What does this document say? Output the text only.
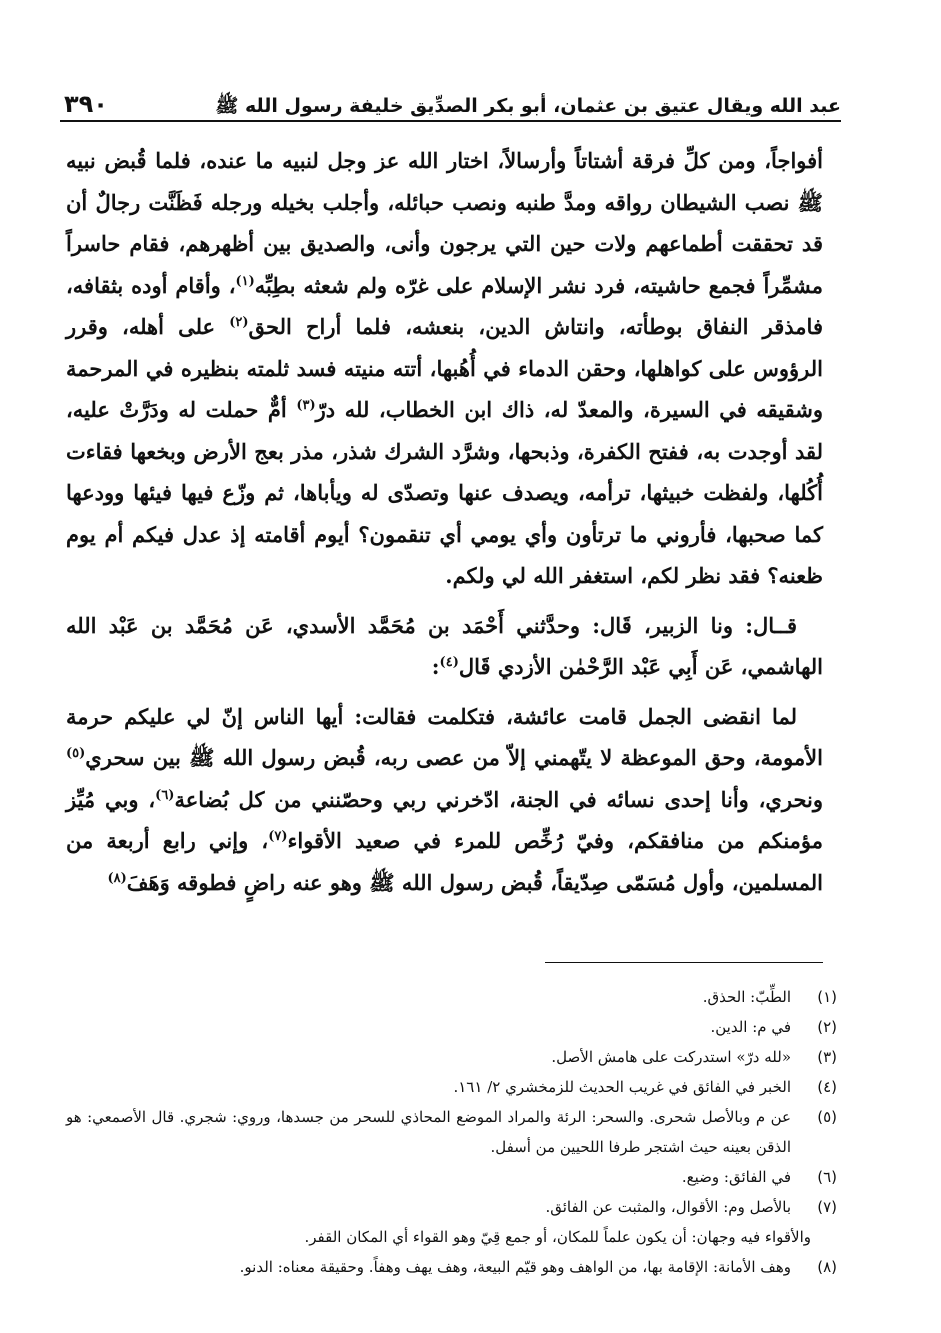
عبد الله ويقال عتيق بن عثمان، أبو بكر الصدِّيق خليفة رسول الله ﷺ
٣٩٠

أفواجاً، ومن كلِّ فرقة أشتاتاً وأرسالاً، اختار الله عز وجل لنبيه ما عنده، فلما قُبض نبيه ﷺ نصب الشيطان رواقه ومدَّ طنبه ونصب حبائله، وأجلب بخيله ورجله فَظَنَّت رجالٌ أن قد تحققت أطماعهم ولات حين التي يرجون وأنى، والصديق بين أظهرهم، فقام حاسراً مشمِّراً فجمع حاشيته، فرد نشر الإسلام على غرّه ولم شعثه بطِبِّه$^{(١)}$، وأقام أوده بثقافه، فامذقر النفاق بوطأته، وانتاش الدين، بنعشه، فلما أراح الحق$^{(٢)}$ على أهله، وقرر الرؤوس على كواهلها، وحقن الدماء في أُهُبها، أتته منيته فسد ثلمته بنظيره في المرحمة وشقيقه في السيرة، والمعدّ له، ذاك ابن الخطاب، لله درّ$^{(٣)}$ أمٌّ حملت له ودَرَّتْ عليه، لقد أوجدت به، ففتح الكفرة، وذبحها، وشرَّد الشرك شذر، مذر بعج الأرض وبخعها فقاءت أُكُلها، ولفظت خبيثها، ترأمه، ويصدف عنها وتصدّى له ويأباها، ثم وزّع فيها فيئها وودعها كما صحبها، فأروني ما ترتأون وأي يومي أي تنقمون؟ أيوم أقامته إذ عدل فيكم أم يوم ظعنه؟ فقد نظر لكم، استغفر الله لي ولكم.

قــال: ونا الزبير، قَال: وحدَّثني أَحْمَد بن مُحَمَّد الأسدي، عَن مُحَمَّد بن عَبْد الله الهاشمي، عَن أَبِي عَبْد الرَّحْمٰن الأزدي قَال$^{(٤)}$:

لما انقضى الجمل قامت عائشة، فتكلمت فقالت: أيها الناس إنّ لي عليكم حرمة الأمومة، وحق الموعظة لا يتّهمني إلاّ من عصى ربه، قُبض رسول الله ﷺ بين سحري$^{(٥)}$ ونحري، وأنا إحدى نسائه في الجنة، ادّخرني ربي وحصّنني من كل بُضاعة$^{(٦)}$، وبي مُيِّز مؤمنكم من منافقكم، وفيّ رُخِّص للمرء في صعيد الأقواء$^{(٧)}$، وإني رابع أربعة من المسلمين، وأول مُسَمّى صِدّيقاً، قُبض رسول الله ﷺ وهو عنه راضٍ فطوقه وَهَفَ$^{(٨)}$

(١)
الطِّبّ: الحذق.
(٢)
في م: الدين.
(٣)
«لله درّ» استدركت على هامش الأصل.
(٤)
الخبر في الفائق في غريب الحديث للزمخشري ٢/ ١٦١.
(٥)
عن م وبالأصل شحرى. والسحر: الرئة والمراد الموضع المحاذي للسحر من جسدها، وروي: شجري. قال الأصمعي: هو الذقن بعينه حيث اشتجر طرفا اللحيين من أسفل.
(٦)
في الفائق: وضيع.
(٧)
بالأصل وم: الأقوال، والمثبت عن الفائق.
والأقواء فيه وجهان: أن يكون علماً للمكان، أو جمع قِيّ وهو القواء أي المكان القفر.
(٨)
وهف الأمانة: الإقامة بها، من الواهف وهو قيّم البيعة، وهف يهف وهفاً. وحقيقة معناه: الدنو.
